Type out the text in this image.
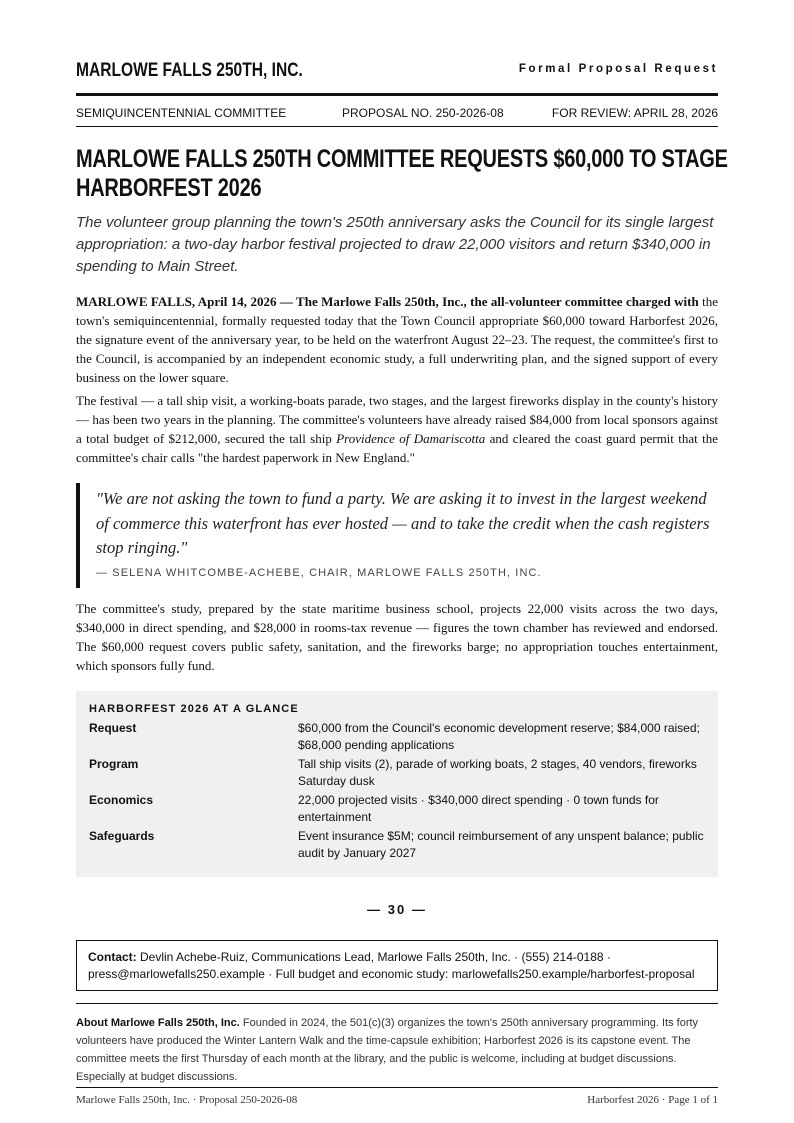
MARLOWE FALLS 250TH, INC.	Formal Proposal Request
SEMIQUINCENTENNIAL COMMITTEE	PROPOSAL NO. 250-2026-08	FOR REVIEW: APRIL 28, 2026
MARLOWE FALLS 250TH COMMITTEE REQUESTS $60,000 TO STAGE
HARBORFEST 2026

The volunteer group planning the town's 250th anniversary asks the Council for its single largest appropriation: a two-day harbor festival projected to draw 22,000 visitors and return $340,000 in spending to Main Street.

MARLOWE FALLS, April 14, 2026 — The Marlowe Falls 250th, Inc., the all-volunteer committee charged with the town's semiquincentennial, formally requested today that the Town Council appropriate $60,000 toward Harborfest 2026, the signature event of the anniversary year, to be held on the waterfront August 22–23. The request, the committee's first to the Council, is accompanied by an independent economic study, a full underwriting plan, and the signed support of every business on the lower square.

The festival — a tall ship visit, a working-boats parade, two stages, and the largest fireworks display in the county's history — has been two years in the planning. The committee's volunteers have already raised $84,000 from local sponsors against a total budget of $212,000, secured the tall ship Providence of Damariscotta and cleared the coast guard permit that the committee's chair calls "the hardest paperwork in New England."

"We are not asking the town to fund a party. We are asking it to invest in the largest weekend of commerce this waterfront has ever hosted — and to take the credit when the cash registers stop ringing."

— SELENA WHITCOMBE-ACHEBE, CHAIR, MARLOWE FALLS 250TH, INC.

The committee's study, prepared by the state maritime business school, projects 22,000 visits across the two days, $340,000 in direct spending, and $28,000 in rooms-tax revenue — figures the town chamber has reviewed and endorsed. The $60,000 request covers public safety, sanitation, and the fireworks barge; no appropriation touches entertainment, which sponsors fully fund.

HARBORFEST 2026 AT A GLANCE
Request	$60,000 from the Council's economic development reserve; $84,000 raised; $68,000 pending applications
Program	Tall ship visits (2), parade of working boats, 2 stages, 40 vendors, fireworks Saturday dusk
Economics	22,000 projected visits · $340,000 direct spending · 0 town funds for entertainment
Safeguards	Event insurance $5M; council reimbursement of any unspent balance; public audit by January 2027
— 30 —
Contact: Devlin Achebe-Ruiz, Communications Lead, Marlowe Falls 250th, Inc. · (555) 214-0188 · press@marlowefalls250.example · Full budget and economic study: marlowefalls250.example/harborfest-proposal

About Marlowe Falls 250th, Inc. Founded in 2024, the 501(c)(3) organizes the town's 250th anniversary programming. Its forty volunteers have produced the Winter Lantern Walk and the time-capsule exhibition; Harborfest 2026 is its capstone event. The committee meets the first Thursday of each month at the library, and the public is welcome, including at budget discussions. Especially at budget discussions.

Marlowe Falls 250th, Inc. · Proposal 250-2026-08	Harborfest 2026 · Page 1 of 1
